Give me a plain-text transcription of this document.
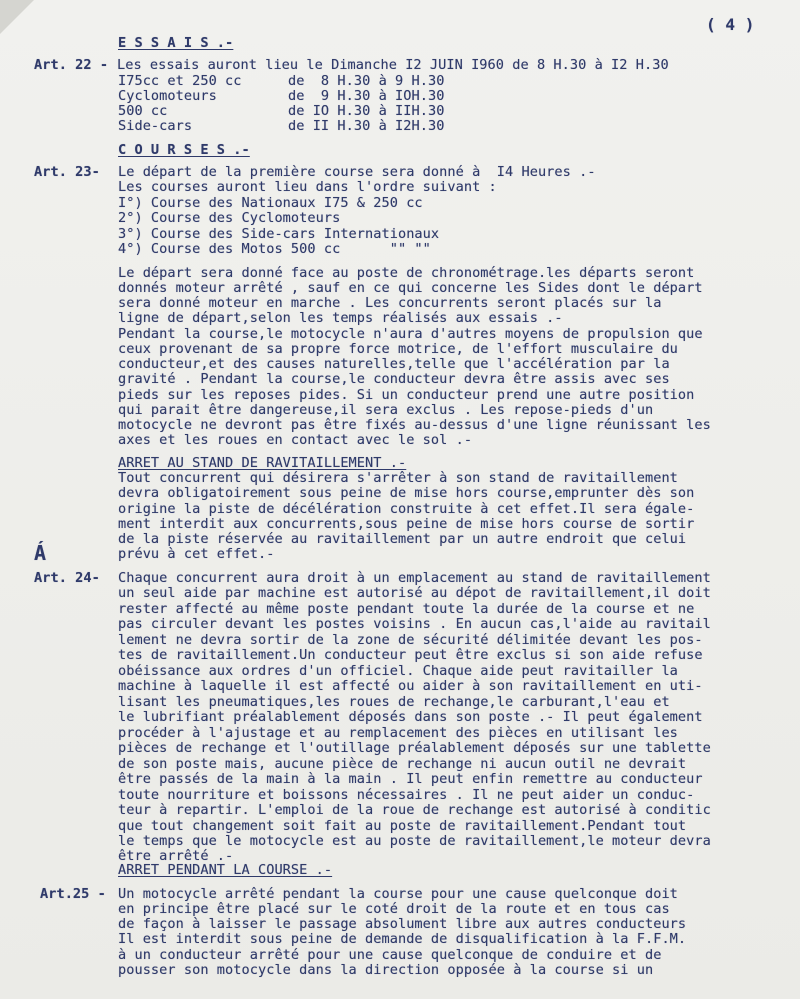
( 4 )
E S S A I S .-
Art. 22 - Les essais auront lieu le Dimanche I2 JUIN I960 de 8 H.30 à I2 H.30
I75cc et 250 cc	de  8 H.30 à 9 H.30
Cyclomoteurs	de  9 H.30 à IOH.30
500 cc	de IO H.30 à IIH.30
Side-cars	de II H.30 à I2H.30
C O U R S E S .-
Art. 23- Le départ de la première course sera donné à  I4 Heures .-
Les courses auront lieu dans l'ordre suivant :
I°) Course des Nationaux I75 & 250 cc
2°) Course des Cyclomoteurs
3°) Course des Side-cars Internationaux
4°) Course des Motos 500 cc      "" ""
Le départ sera donné face au poste de chronométrage.les départs seront
donnés moteur arrêté , sauf en ce qui concerne les Sides dont le départ
sera donné moteur en marche . Les concurrents seront placés sur la
ligne de départ,selon les temps réalisés aux essais .-
Pendant la course,le motocycle n'aura d'autres moyens de propulsion que
ceux provenant de sa propre force motrice, de l'effort musculaire du
conducteur,et des causes naturelles,telle que l'accélération par la
gravité . Pendant la course,le conducteur devra être assis avec ses
pieds sur les reposes pides. Si un conducteur prend une autre position
qui parait être dangereuse,il sera exclus . Les repose-pieds d'un
motocycle ne devront pas être fixés au-dessus d'une ligne réunissant les
axes et les roues en contact avec le sol .-
ARRET AU STAND DE RAVITAILLEMENT .-
Tout concurrent qui désirera s'arrêter à son stand de ravitaillement
devra obligatoirement sous peine de mise hors course,emprunter dès son
origine la piste de décélération construite à cet effet.Il sera égale-
ment interdit aux concurrents,sous peine de mise hors course de sortir
de la piste réservée au ravitaillement par un autre endroit que celui
prévu à cet effet.-
Á
Art. 24- Chaque concurrent aura droit à un emplacement au stand de ravitaillement
un seul aide par machine est autorisé au dépot de ravitaillement,il doit
rester affecté au même poste pendant toute la durée de la course et ne
pas circuler devant les postes voisins . En aucun cas,l'aide au ravitail
lement ne devra sortir de la zone de sécurité délimitée devant les pos-
tes de ravitaillement.Un conducteur peut être exclus si son aide refuse
obéissance aux ordres d'un officiel. Chaque aide peut ravitailler la
machine à laquelle il est affecté ou aider à son ravitaillement en uti-
lisant les pneumatiques,les roues de rechange,le carburant,l'eau et
le lubrifiant préalablement déposés dans son poste .- Il peut également
procéder à l'ajustage et au remplacement des pièces en utilisant les
pièces de rechange et l'outillage préalablement déposés sur une tablette
de son poste mais, aucune pièce de rechange ni aucun outil ne devrait
être passés de la main à la main . Il peut enfin remettre au conducteur
toute nourriture et boissons nécessaires . Il ne peut aider un conduc-
teur à repartir. L'emploi de la roue de rechange est autorisé à conditic
que tout changement soit fait au poste de ravitaillement.Pendant tout
le temps que le motocycle est au poste de ravitaillement,le moteur devra
être arrêté .-
ARRET PENDANT LA COURSE .-
Art.25 - Un motocycle arrêté pendant la course pour une cause quelconque doit
en principe être placé sur le coté droit de la route et en tous cas
de façon à laisser le passage absolument libre aux autres conducteurs
Il est interdit sous peine de demande de disqualification à la F.F.M.
à un conducteur arrêté pour une cause quelconque de conduire et de
pousser son motocycle dans la direction opposée à la course si un
